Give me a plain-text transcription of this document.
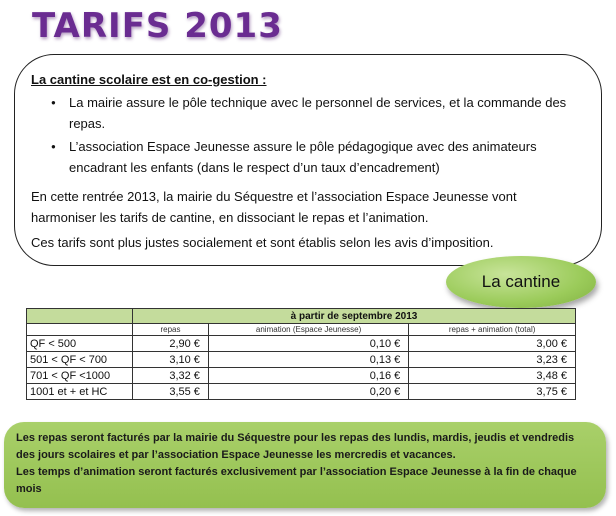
TARIFS 2013
La cantine scolaire est en co-gestion :
● La mairie assure le pôle technique avec le personnel de services, et la commande des repas.
● L’association Espace Jeunesse assure le pôle pédagogique avec des animateurs encadrant les enfants (dans le respect d’un taux d’encadrement)

En cette rentrée 2013, la mairie du Séquestre et l’association Espace Jeunesse vont harmoniser les tarifs de cantine, en dissociant le repas et l’animation.

Ces tarifs sont plus justes socialement et sont établis selon les avis d’imposition.

La cantine
	à partir de septembre 2013		
	repas	animation (Espace Jeunesse)	repas + animation (total)
QF < 500	2,90 €	0,10 €	3,00 €
501 < QF < 700	3,10 €	0,13 €	3,23 €
701 < QF <1000	3,32 €	0,16 €	3,48 €
1001 et + et HC	3,55 €	0,20 €	3,75 €

Les repas seront facturés par la mairie du Séquestre pour les repas des lundis, mardis, jeudis et vendredis des jours scolaires et par l’association Espace Jeunesse les mercredis et vacances.

Les temps d’animation seront facturés exclusivement par l’association Espace Jeunesse à la fin de chaque mois
